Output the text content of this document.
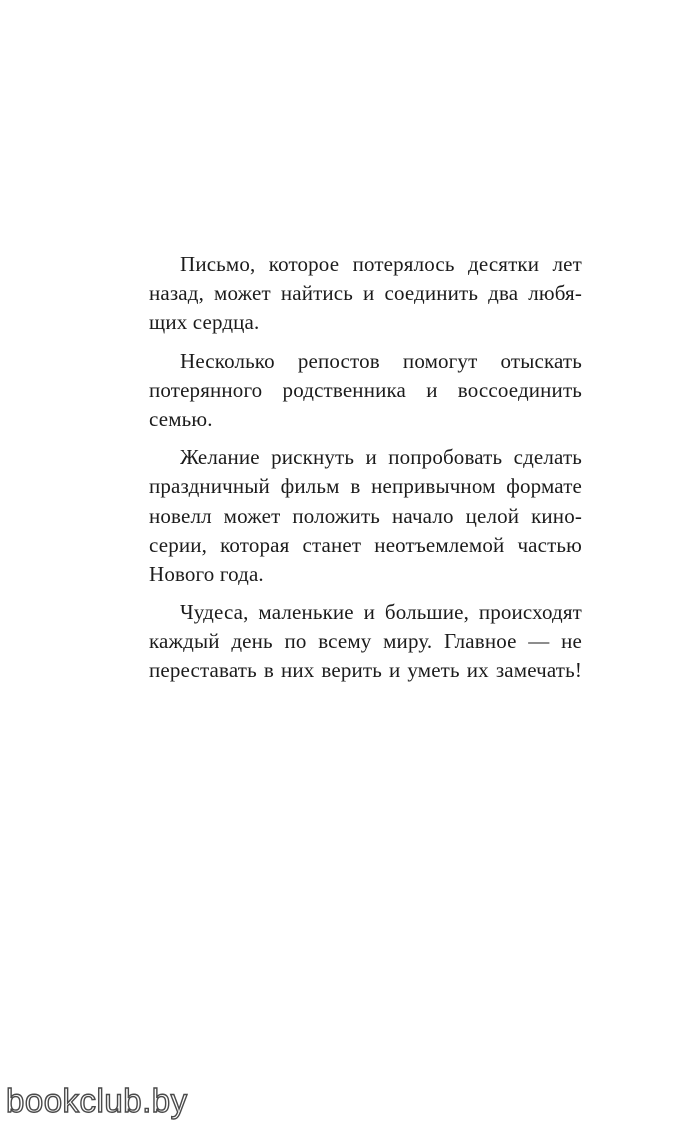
Письмо, которое потерялось десятки лет
назад, может найтись и соединить два любя-
щих сердца.

Несколько репостов помогут отыскать
потерянного родственника и воссоединить
семью.

Желание рискнуть и попробовать сделать
праздничный фильм в непривычном формате
новелл может положить начало целой кино-
серии, которая станет неотъемлемой частью
Нового года.

Чудеса, маленькие и большие, происходят
каждый день по всему миру. Главное — не
переставать в них верить и уметь их замечать!

bookclub.by
